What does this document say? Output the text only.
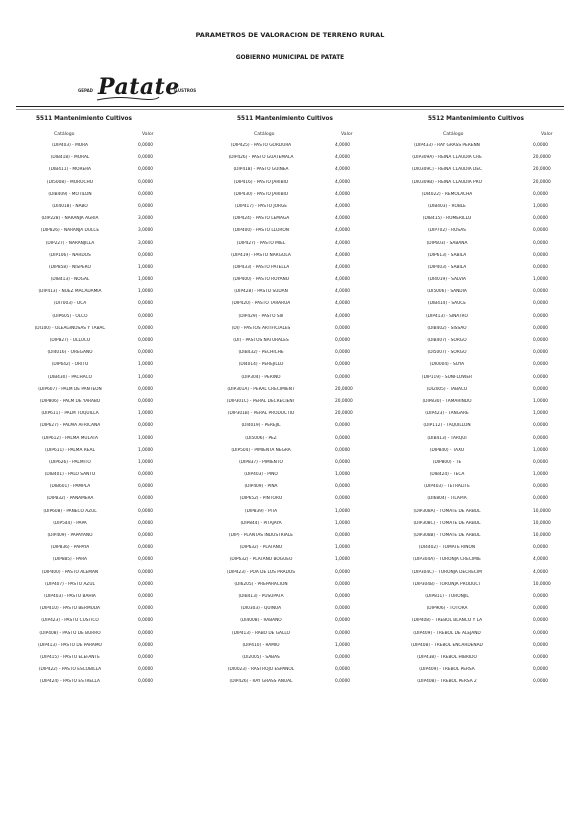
PARAMETROS DE VALORACION DE TERRENO RURAL
GOBIERNO MUNICIPAL DE PATATE
GEPAD Patate
ILUSTROS
5511 Mantenimiento Cultivos
Catálogo	Valor
(DIP403) - MORA	0,0000
(DIB418) - MORAL	0,0000
(DIB411) - MORERA	0,0000
(DI5008) - MOROCHO	0,0000
(DIB409) - MOTILON	0,0000
(DI4018) - NABO	0,0000
(DIP228) - NARANJA AGRIA	3,0000
(DIP826) - NARANJA DULCE	3,0000
(DIP227) - NARANJILLA	3,0000
(DIP106) - NARDOS	0,0000
(DIP858) - NISPERO	1,0000
(DIB413) - NOGAL	1,0000
(DIP413) - NUEZ MACADAMIA	1,0000
(DI7003) - OCA	0,0000
(DIP605) - OLCO	0,0000
(DI100) - OLEAGINOSAS Y TABAC	0,0000
(DIP827) - OLLUCO	0,0000
(DI4016) - OREGANO	0,0000
(DIP642) - ORITO	1,0000
(DIB430) - PACHACO	1,0000
(DIP607) - PALM DE PANTEON	0,0000
(DIP806) - PALM DE YARABO	0,0000
(DIP611) - PALM TOQUILLA	1,0000
(DIP627) - PALMA AFRICANA	0,0000
(DIP612) - PALMA MULATA	1,0000
(DIP611) - PALMA REAL	1,0000
(DIP626) - PALMITO	1,0000
(DIB401) - PALO SANTO	0,0000
(DIB601) - PAMPLA	0,0000
(DIP832) - PANAMERA	0,0000
(DIP608) - PANECO AZUL	0,0000
(DIP544) - PAPA	0,0000
(DIP409) - PAPAYANO	0,0000
(DIP836) - PAPAYA	0,0000
(DIP885) - PARA	0,0000
(DIP400) - PASTO ALEMAN	0,0000
(DIP407) - PASTO AZUL	0,0000
(DIP403) - PASTO BAHIA	0,0000
(DIP410) - PASTO BERMUDA	0,0000
(DIP423) - PASTO CUSTICO	0,0000
(DIP408) - PASTO DE BURRO	0,0000
(DIP413) - PASTO DE PARAMO	0,0000
(DIP415) - PASTO ELEFANTE	0,0000
(DIP422) - PASTO ESCOBILLA	0,0000
(DIP424) - PASTO ESTRELLA	0,0000
5511 Mantenimiento Cultivos
Catálogo	Valor
(DIP425) - PASTO GORDURA	4,0000
(DIP426) - PASTO GUATEMALA	4,0000
(DIP418) - PASTO GUINEA	4,0000
(DIP416) - PASTO JARIBIO	4,0000
(DIP430) - PASTO JARIBIO	4,0000
(DIP417) - PASTO JORGE	4,0000
(DIP424) - PASTO LEMAGA	4,0000
(DIP400) - PASTO LLORON	4,0000
(DIP427) - PASTO MIEL	4,0000
(DIP419) - PASTO NARGOLA	4,0000
(DIP433) - PASTO PATELLA	4,0000
(DIP400) - PASTO ROYANO	4,0000
(DIP428) - PASTO SUDAN	4,0000
(DIP420) - PASTO TARARUA	4,0000
(DIP429) - PASTO SIII	4,0000
(DI) - PASTOS ARTIFICIALES	0,0000
(DI) - PASTOS NATURALES	0,0000
(DIB432) - PECHICHE	0,0000
(DI4014) - PEREJILLO	0,0000
(DIP304) - PERINO	0,0000
(DIP301A) - PERAL CRECIMIENT	20,0000
(DIP301C) - PERAL DECRECIENT	20,0000
(DIP301B) - PERAL PRODUCTIO	20,0000
(DI4019) - PEREJIL	0,0000
(DI5006) - PEZ	0,0000
(DIP504) - PIMIENTA NEGRA	0,0000
(DIP837) - PIMIENTO	0,0000
(DIP403) - PINO	1,0000
(DIP409) - PIÑA	0,0000
(DIP652) - PINTORO	0,0000
(DIP839) - PITA	1,0000
(DIP844) - PITAJAYA	1,0000
(DIP) - PLANTAS INDUSTRIALE	0,0000
(DIP632) - PLATANO	1,0000
(DIP632) - PLATANO BOGUEO	1,0000
(DIP423) - POA DE LOS PRADOS	0,0000
(DI6205) - PREPARACION	0,0000
(DIB413) - PUSUPATA	0,0000
(DI0303) - QUINUA	0,0000
(DI4008) - RABANO	0,0000
(DIP413) - RABO DE GALLO	0,0000
(DIP410) - RAMIO	1,0000
(DI2005) - SABAS	0,0000
(DI0023) - RASTROJO ESPAÑOL	0,0000
(DIP426) - RAY GRASS ANUAL	0,0000
5512 Mantenimiento Cultivos
Catálogo	Valor
(DIP433) - RAY GRASS PERENN	0,0000
(DIP309A) - REINA CLAUDIA CRE	20,0000
(DI0309C) - REINA CLAUDIA DEC	20,0000
(DI0309B) - REINA CLAUDIA PRO	20,0000
(DI4022) - REMOLACHA	0,0000
(DIB403) - ROBLE	1,0000
(DIB415) - ROMERILLO	0,0000
(DIP702) - ROSAS	0,0000
(DIP603) - SABANA	0,0000
(DIP613) - SABILA	0,0000
(DIP403) - SABILA	0,0000
(DI4019) - SALVIA	1,0000
(DI5006) - SANDIA	0,0000
(DIB414) - SAUCE	0,0000
(DIP413) - SINATRO	0,0000
(DIB402) - SISSAO	0,0000
(DIB407) - SORGO	0,0000
(DI5007) - SORGO	0,0000
(DI0004) - SOYA	0,0000
(DIP119) - SUNFLOWER	0,0000
(DI2005) - TABACO	0,0000
(DIP830) - TAMARINDO	1,0000
(DIP423) - TANGARE	1,0000
(DIP112) - TAQUILLON	0,0000
(DIB413) - TARQUI	0,0000
(DIP840) - TAXO	1,0000
(DIP800) - TE	0,0000
(DIB424) - TECA	1,0000
(DIP403) - TETRALITE	0,0000
(DI6804) - TILAPIA	0,0000
(DIP308A) - TOMATE DE ARBOL	10,0000
(DIP308C) - TOMATE DE ARBOL	10,0000
(DIP308B) - TOMATE DE ARBOL	10,0000
(DI4402) - TOMATE RINON	0,0000
(DIP304A) - TORONJA CRECIMIE	4,0000
(DIP304C) - TORONJA DECRECIM	4,0000
(DIP304B) - TORONJA PRODUCT	10,0000
(DIP811) - TORONJIL	0,0000
(DIP906) - TOTORA	0,0000
(DIP408) - TREBOL BLANCO Y LA	0,0000
(DIP409) - TREBOL DE ALEJAND	0,0000
(DIP408) - TREBOL ENCARDENAD	0,0000
(DIP438) - TREBOL HIBRIDO	0,0000
(DIP409) - TREBOL PERSA	0,0000
(DIP408) - TREBOL PERSA 2	0,0000
